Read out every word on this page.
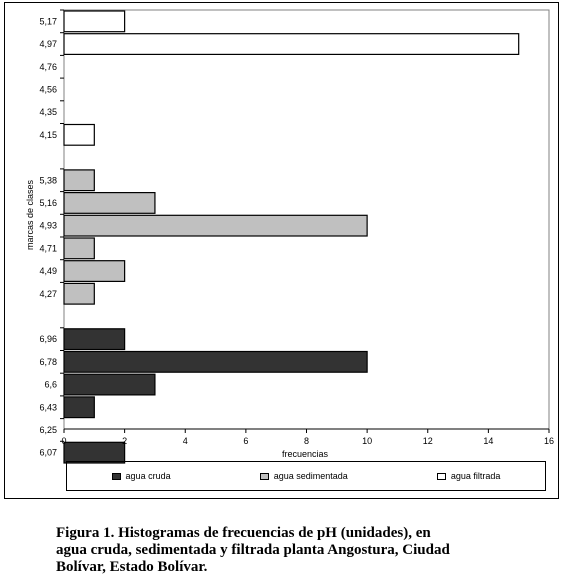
5,17
4,97
4,76
4,56
4,35
4,15
5,38
5,16
4,93
4,71
4,49
4,27
6,96
6,78
6,6
6,43
6,25
6,07
0	2	4	6	8	10	12	14	16
frecuencias
marcas de clases
agua cruda	agua sedimentada	agua filtrada
Figura 1. Histogramas de frecuencias de pH (unidades), en
agua cruda, sedimentada y filtrada planta Angostura, Ciudad
Bolívar, Estado Bolívar.
